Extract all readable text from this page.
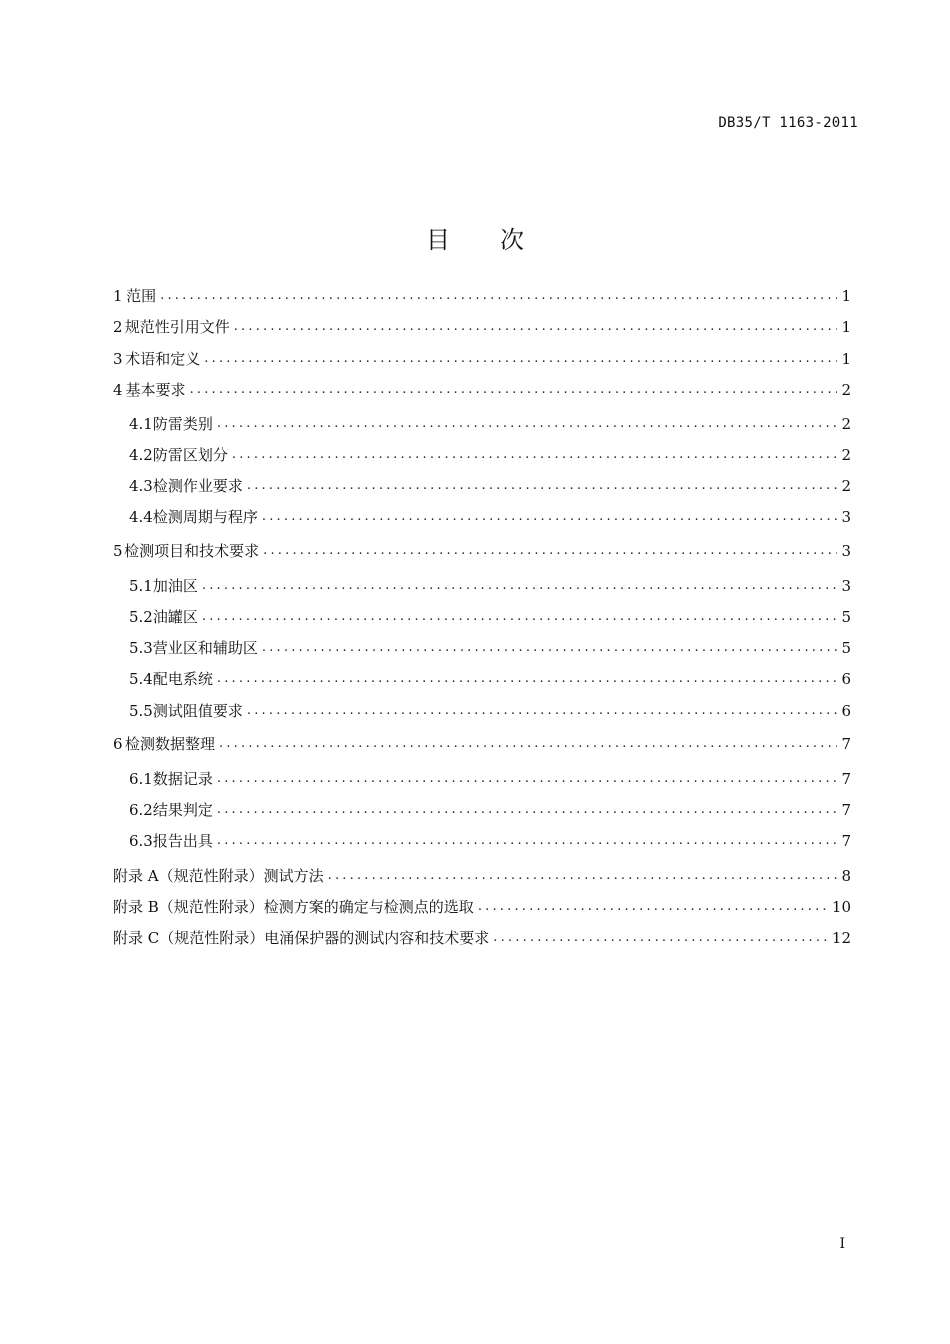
DB35/T 1163-2011
目 次
1 范围 .....	1
2 规范性引用文件 .....	1
3 术语和定义 .....	1
4 基本要求 .....	2
4.1 防雷类别 .....	2
4.2 防雷区划分 .....	2
4.3 检测作业要求 .....	2
4.4 检测周期与程序 .....	3
5 检测项目和技术要求 .....	3
5.1 加油区 .....	3
5.2 油罐区 .....	5
5.3 营业区和辅助区 .....	5
5.4 配电系统 .....	6
5.5 测试阻值要求 .....	6
6 检测数据整理 .....	7
6.1 数据记录 .....	7
6.2 结果判定 .....	7
6.3 报告出具 .....	7
附录 A（规范性附录） 测试方法 .....	8
附录 B（规范性附录） 检测方案的确定与检测点的选取 .....	10
附录 C（规范性附录） 电涌保护器的测试内容和技术要求 .....	12
I
